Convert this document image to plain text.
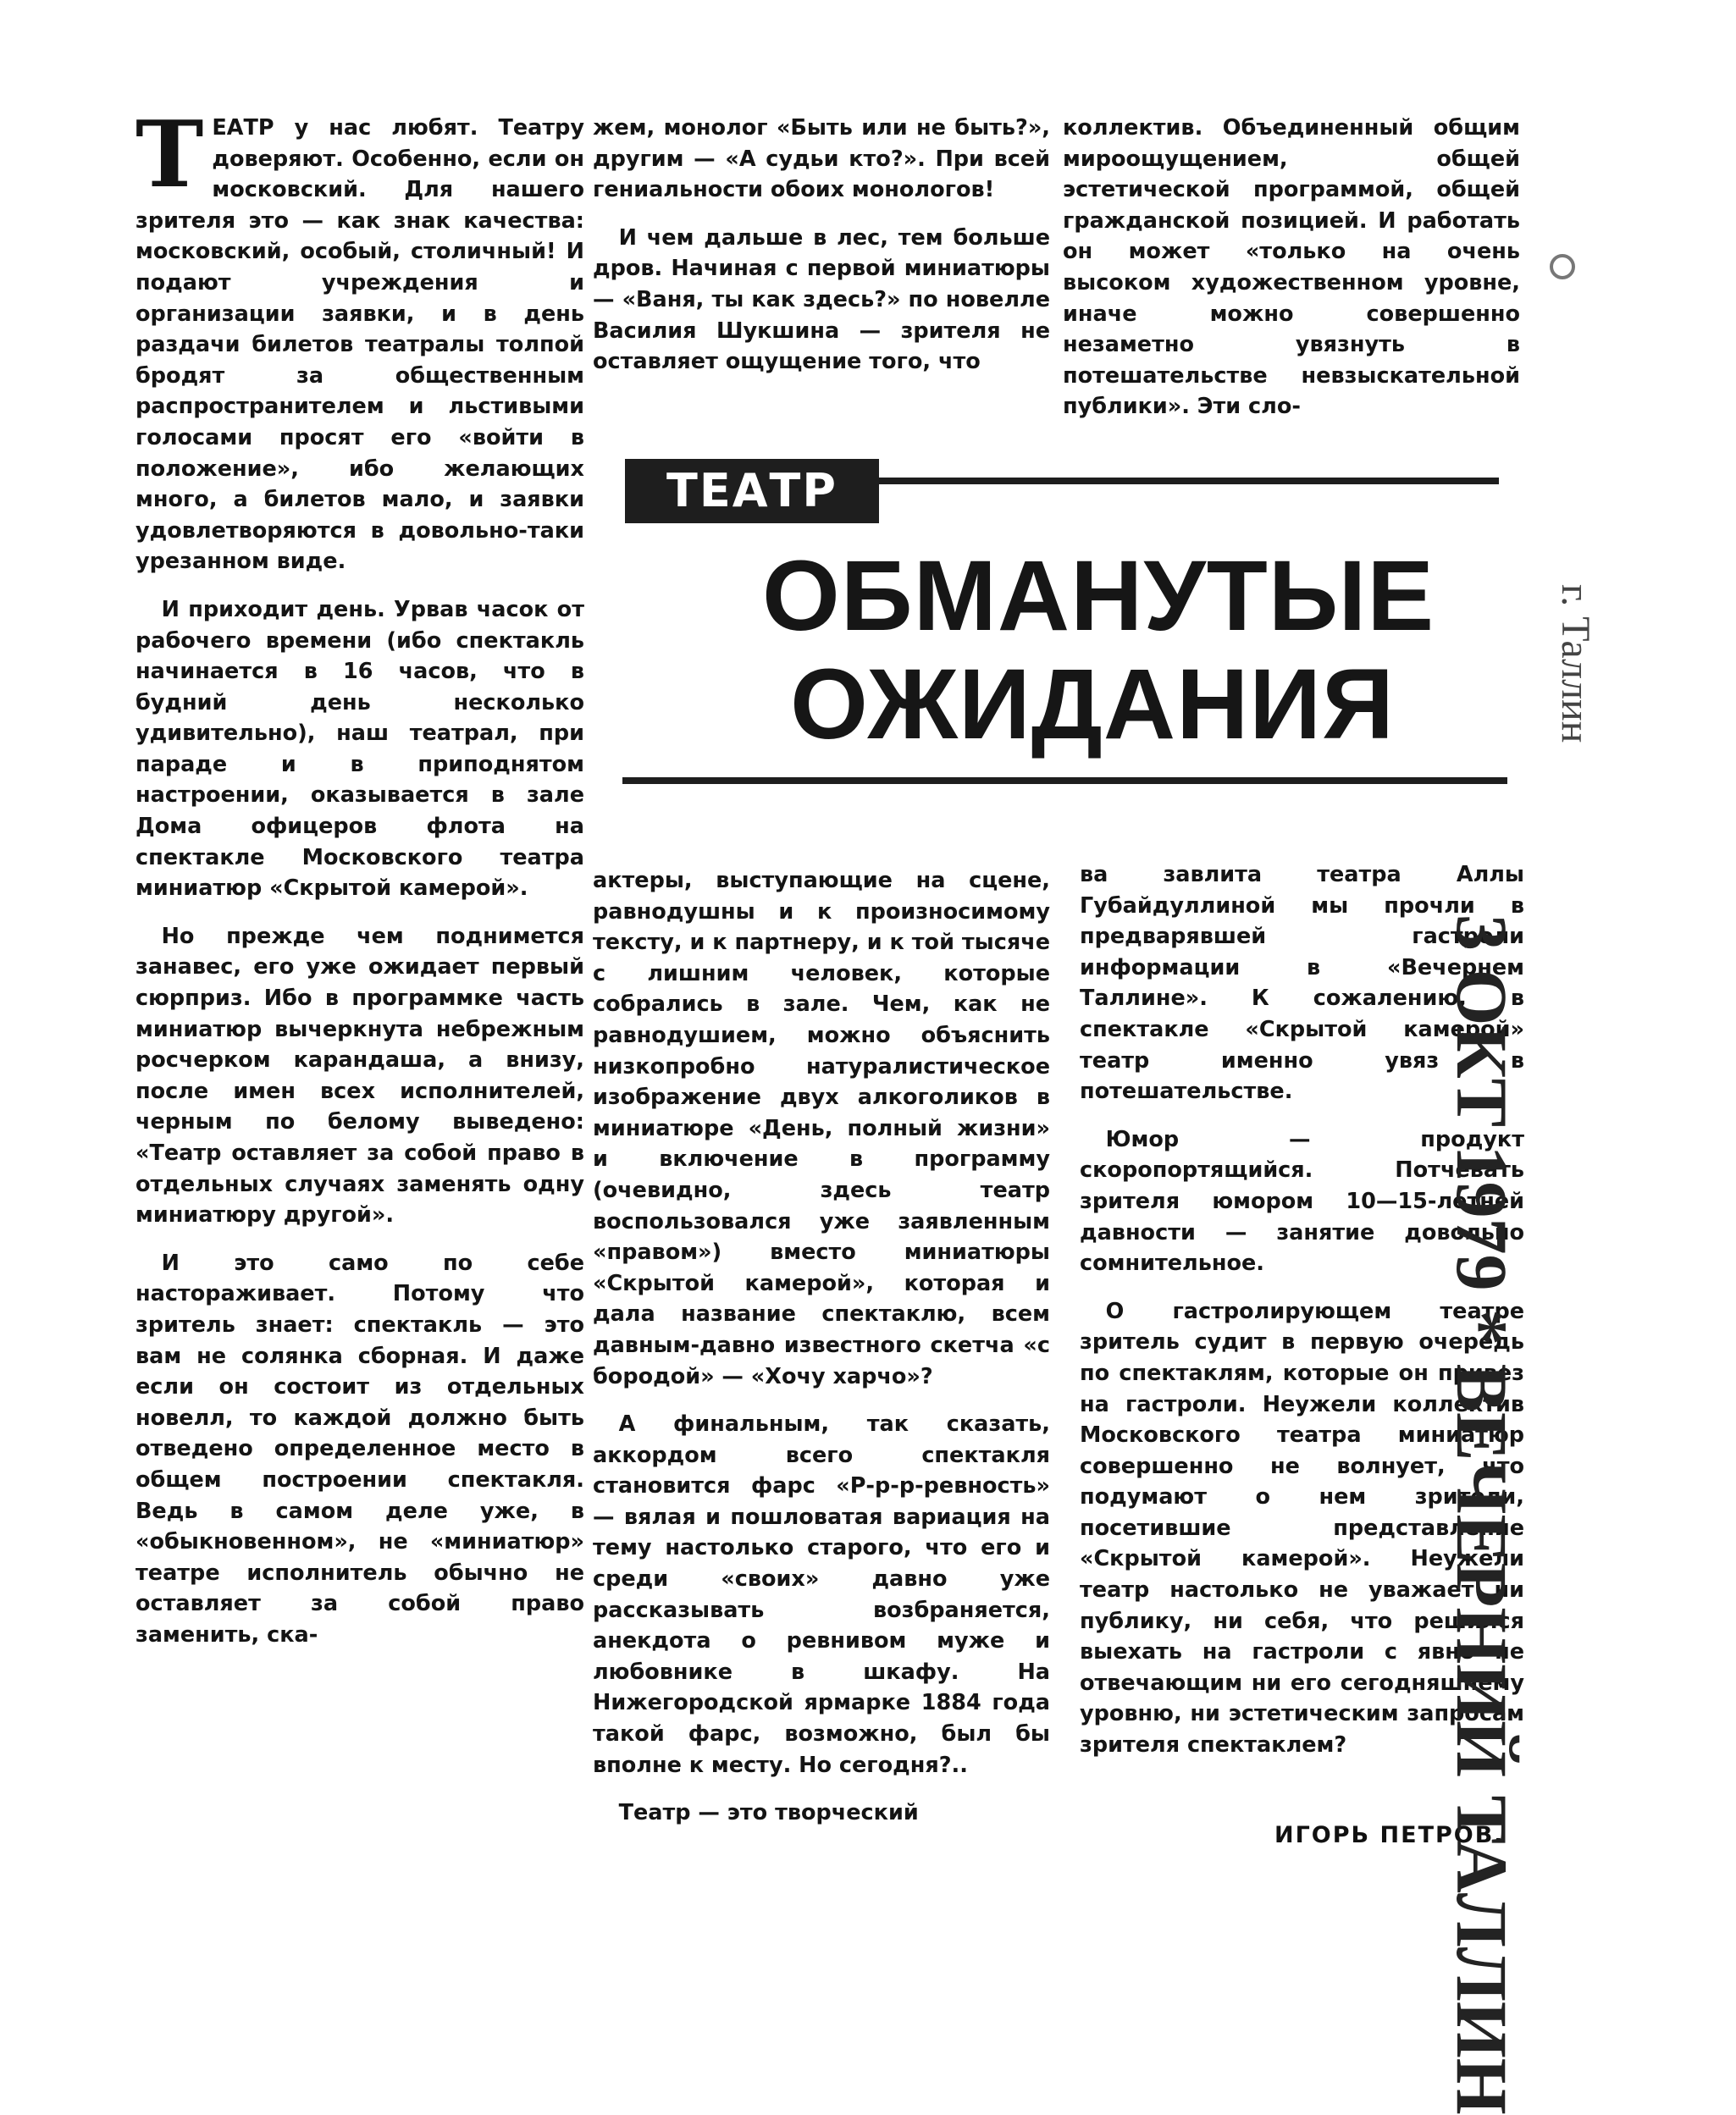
ТЕАТР у нас любят. Театру доверяют. Особенно, если он московский. Для нашего зрителя это — как знак качества: московский, особый, столичный! И подают учреждения и организации заявки, и в день раздачи билетов театралы толпой бродят за общественным распространителем и льстивыми голосами просят его «войти в положение», ибо желающих много, а билетов мало, и заявки удовлетворяются в довольно-таки урезанном виде.

И приходит день. Урвав часок от рабочего времени (ибо спектакль начинается в 16 часов, что в будний день несколько удивительно), наш театрал, при параде и в приподнятом настроении, оказывается в зале Дома офицеров флота на спектакле Московского театра миниатюр «Скрытой камерой».

Но прежде чем поднимется занавес, его уже ожидает первый сюрприз. Ибо в программке часть миниатюр вычеркнута небрежным росчерком карандаша, а внизу, после имен всех исполнителей, черным по белому выведено: «Театр оставляет за собой право в отдельных случаях заменять одну миниатюру другой».

И это само по себе настораживает. Потому что зритель знает: спектакль — это вам не солянка сборная. И даже если он состоит из отдельных новелл, то каждой должно быть отведено определенное место в общем построении спектакля. Ведь в самом деле уже, в «обыкновенном», не «миниатюр» театре исполнитель обычно не оставляет за собой право заменить, ска-

жем, монолог «Быть или не быть?», другим — «А судьи кто?». При всей гениальности обоих монологов!

И чем дальше в лес, тем больше дров. Начиная с первой миниатюры — «Ваня, ты как здесь?» по новелле Василия Шукшина — зрителя не оставляет ощущение того, что

коллектив. Объединенный общим мироощущением, общей эстетической программой, общей гражданской позицией. И работать он может «только на очень высоком художественном уровне, иначе можно совершенно незаметно увязнуть в потешательстве невзыскательной публики». Эти сло-

ТЕАТР
ОБМАНУТЫЕ
ОЖИДАНИЯ

актеры, выступающие на сцене, равнодушны и к произносимому тексту, и к партнеру, и к той тысяче с лишним человек, которые собрались в зале. Чем, как не равнодушием, можно объяснить низкопробно натуралистическое изображение двух алкоголиков в миниатюре «День, полный жизни» и включение в программу (очевидно, здесь театр воспользовался уже заявленным «правом») вместо миниатюры «Скрытой камерой», которая и дала название спектаклю, всем давным-давно известного скетча «с бородой» — «Хочу харчо»?

А финальным, так сказать, аккордом всего спектакля становится фарс «Р-р-р-ревность» — вялая и пошловатая вариация на тему настолько старого, что его и среди «своих» давно уже рассказывать возбраняется, анекдота о ревнивом муже и любовнике в шкафу. На Нижегородской ярмарке 1884 года такой фарс, возможно, был бы вполне к месту. Но сегодня?..

Театр — это творческий

ва завлита театра Аллы Губайдуллиной мы прочли в предварявшей гастроли информации в «Вечернем Таллине». К сожалению, в спектакле «Скрытой камерой» театр именно увяз в потешательстве.

Юмор — продукт скоропортящийся. Потчевать зрителя юмором 10—15-летней давности — занятие довольно сомнительное.

О гастролирующем театре зритель судит в первую очередь по спектаклям, которые он привез на гастроли. Неужели коллектив Московского театра миниатюр совершенно не волнует, что подумают о нем зрители, посетившие представление «Скрытой камерой». Неужели театр настолько не уважает ни публику, ни себя, что решился выехать на гастроли с явно не отвечающим ни его сегодняшнему уровню, ни эстетическим запросам зрителя спектаклем?

ИГОРЬ ПЕТРОВ.
3 ОКТ 1979 * ВЕЧЕРНИЙ ТАЛЛИН
г. Таллин
